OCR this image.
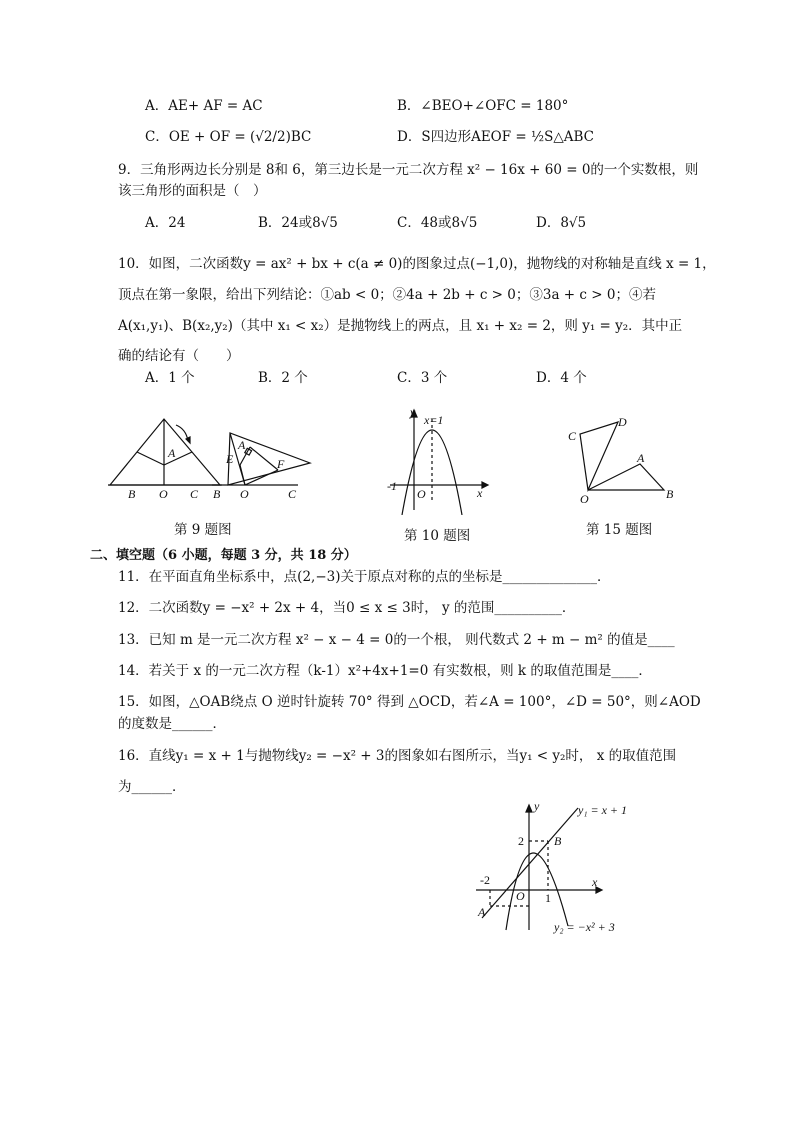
A．AE+ AF = AC	B．∠BEO+∠OFC = 180°
C．OE + OF = (√2/2)BC	D．S四边形AEOF = ½S△ABC
9．三角形两边长分别是 8和 6，第三边长是一元二次方程 x² − 16x + 60 = 0的一个实数根，则
该三角形的面积是（　）
A．24	B．24或8√5	C．48或8√5	D．8√5
10．如图，二次函数y = ax² + bx + c(a ≠ 0)的图象过点(−1,0)，抛物线的对称轴是直线 x = 1，
顶点在第一象限，给出下列结论：①ab < 0；②4a + 2b + c > 0；③3a + c > 0；④若
A(x₁,y₁)、B(x₂,y₂)（其中 x₁ < x₂）是抛物线上的两点，且 x₁ + x₂ = 2，则 y₁ = y₂．其中正
确的结论有（　　）
A．1 个	B．2 个	C．3 个	D．4 个
A
B O C
A
E	F
B O	C
第 9 题图
y
x=1
-1
O	x
第 10 题图
C
D
A
O	B
第 15 题图
二、填空题（6 小题，每题 3 分，共 18 分）
11．在平面直角坐标系中，点(2,−3)关于原点对称的点的坐标是______________．
12．二次函数y = −x² + 2x + 4，当0 ≤ x ≤ 3时， y 的范围__________．
13．已知 m 是一元二次方程 x² − x − 4 = 0的一个根， 则代数式 2 + m − m² 的值是____
14．若关于 x 的一元二次方程（k-1）x²+4x+1=0 有实数根，则 k 的取值范围是____．
15．如图，△OAB绕点 O 逆时针旋转 70° 得到 △OCD，若∠A = 100°，∠D = 50°，则∠AOD
的度数是______．
16．直线y₁ = x + 1与抛物线y₂ = −x² + 3的图象如右图所示，当y₁ < y₂时， x 的取值范围
为______．
y	y₁ = x + 1
2	B
-2
O 1
x
A
y₂ = −x² + 3
